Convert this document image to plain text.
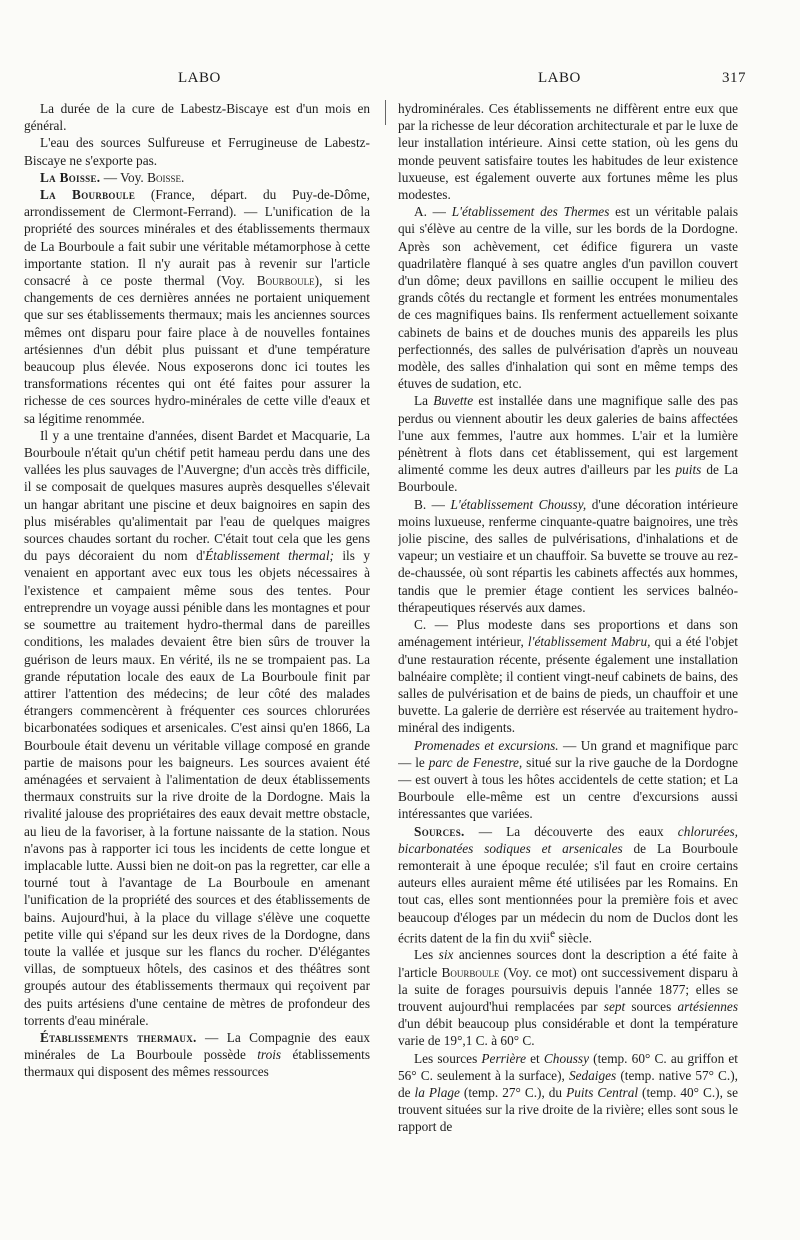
LABO	LABO	317

La durée de la cure de Labestz-Biscaye est d'un mois en général.

L'eau des sources Sulfureuse et Ferrugineuse de Labestz-Biscaye ne s'exporte pas.

La Boisse. — Voy. Boisse.

La Bourboule (France, départ. du Puy-de-Dôme, arrondissement de Clermont-Ferrand). — L'unification de la propriété des sources minérales et des établissements thermaux de La Bourboule a fait subir une véritable métamorphose à cette importante station. Il n'y aurait pas à revenir sur l'article consacré à ce poste thermal (Voy. Bourboule), si les changements de ces dernières années ne portaient uniquement que sur ses établissements thermaux; mais les anciennes sources mêmes ont disparu pour faire place à de nouvelles fontaines artésiennes d'un débit plus puissant et d'une température beaucoup plus élevée. Nous exposerons donc ici toutes les transformations récentes qui ont été faites pour assurer la richesse de ces sources hydro-minérales de cette ville d'eaux et sa légitime renommée.

Il y a une trentaine d'années, disent Bardet et Macquarie, La Bourboule n'était qu'un chétif petit hameau perdu dans une des vallées les plus sauvages de l'Auvergne; d'un accès très difficile, il se composait de quelques masures auprès desquelles s'élevait un hangar abritant une piscine et deux baignoires en sapin des plus misérables qu'alimentait par l'eau de quelques maigres sources chaudes sortant du rocher. C'était tout cela que les gens du pays décoraient du nom d'Établissement thermal; ils y venaient en apportant avec eux tous les objets nécessaires à l'existence et campaient même sous des tentes. Pour entreprendre un voyage aussi pénible dans les montagnes et pour se soumettre au traitement hydro-thermal dans de pareilles conditions, les malades devaient être bien sûrs de trouver la guérison de leurs maux. En vérité, ils ne se trompaient pas. La grande réputation locale des eaux de La Bourboule finit par attirer l'attention des médecins; de leur côté des malades étrangers commencèrent à fréquenter ces sources chlorurées bicarbonatées sodiques et arsenicales. C'est ainsi qu'en 1866, La Bourboule était devenu un véritable village composé en grande partie de maisons pour les baigneurs. Les sources avaient été aménagées et servaient à l'alimentation de deux établissements thermaux construits sur la rive droite de la Dordogne. Mais la rivalité jalouse des propriétaires des eaux devait mettre obstacle, au lieu de la favoriser, à la fortune naissante de la station. Nous n'avons pas à rapporter ici tous les incidents de cette longue et implacable lutte. Aussi bien ne doit-on pas la regretter, car elle a tourné tout à l'avantage de La Bourboule en amenant l'unification de la propriété des sources et des établissements de bains. Aujourd'hui, à la place du village s'élève une coquette petite ville qui s'épand sur les deux rives de la Dordogne, dans toute la vallée et jusque sur les flancs du rocher. D'élégantes villas, de somptueux hôtels, des casinos et des théâtres sont groupés autour des établissements thermaux qui reçoivent par des puits artésiens d'une centaine de mètres de profondeur des torrents d'eau minérale.

Établissements thermaux. — La Compagnie des eaux minérales de La Bourboule possède trois établissements thermaux qui disposent des mêmes ressources

hydrominérales. Ces établissements ne diffèrent entre eux que par la richesse de leur décoration architecturale et par le luxe de leur installation intérieure. Ainsi cette station, où les gens du monde peuvent satisfaire toutes les habitudes de leur existence luxueuse, est également ouverte aux fortunes même les plus modestes.

A. — L'établissement des Thermes est un véritable palais qui s'élève au centre de la ville, sur les bords de la Dordogne. Après son achèvement, cet édifice figurera un vaste quadrilatère flanqué à ses quatre angles d'un pavillon couvert d'un dôme; deux pavillons en saillie occupent le milieu des grands côtés du rectangle et forment les entrées monumentales de ces magnifiques bains. Ils renferment actuellement soixante cabinets de bains et de douches munis des appareils les plus perfectionnés, des salles de pulvérisation d'après un nouveau modèle, des salles d'inhalation qui sont en même temps des étuves de sudation, etc.

La Buvette est installée dans une magnifique salle des pas perdus ou viennent aboutir les deux galeries de bains affectées l'une aux femmes, l'autre aux hommes. L'air et la lumière pénètrent à flots dans cet établissement, qui est largement alimenté comme les deux autres d'ailleurs par les puits de La Bourboule.

B. — L'établissement Choussy, d'une décoration intérieure moins luxueuse, renferme cinquante-quatre baignoires, une très jolie piscine, des salles de pulvérisations, d'inhalations et de vapeur; un vestiaire et un chauffoir. Sa buvette se trouve au rez-de-chaussée, où sont répartis les cabinets affectés aux hommes, tandis que le premier étage contient les services balnéo-thérapeutiques réservés aux dames.

C. — Plus modeste dans ses proportions et dans son aménagement intérieur, l'établissement Mabru, qui a été l'objet d'une restauration récente, présente également une installation balnéaire complète; il contient vingt-neuf cabinets de bains, des salles de pulvérisation et de bains de pieds, un chauffoir et une buvette. La galerie de derrière est réservée au traitement hydro-minéral des indigents.

Promenades et excursions. — Un grand et magnifique parc — le parc de Fenestre, situé sur la rive gauche de la Dordogne — est ouvert à tous les hôtes accidentels de cette station; et La Bourboule elle-même est un centre d'excursions aussi intéressantes que variées.

Sources. — La découverte des eaux chlorurées, bicarbonatées sodiques et arsenicales de La Bourboule remonterait à une époque reculée; s'il faut en croire certains auteurs elles auraient même été utilisées par les Romains. En tout cas, elles sont mentionnées pour la première fois et avec beaucoup d'éloges par un médecin du nom de Duclos dont les écrits datent de la fin du xvii$^e$ siècle.

Les six anciennes sources dont la description a été faite à l'article Bourboule (Voy. ce mot) ont successivement disparu à la suite de forages poursuivis depuis l'année 1877; elles se trouvent aujourd'hui remplacées par sept sources artésiennes d'un débit beaucoup plus considérable et dont la température varie de 19°,1 C. à 60° C.

Les sources Perrière et Choussy (temp. 60° C. au griffon et 56° C. seulement à la surface), Sedaiges (temp. native 57° C.), de la Plage (temp. 27° C.), du Puits Central (temp. 40° C.), se trouvent situées sur la rive droite de la rivière; elles sont sous le rapport de
